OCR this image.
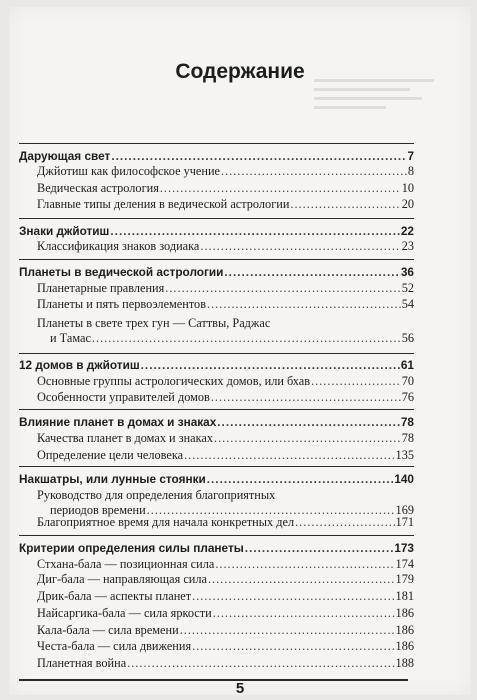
Содержание
Дарующая свет .....	7
Джйотиш как философское учение .....	8
Ведическая астрология .....	10
Главные типы деления в ведической астрологии .....	20
Знаки джйотиш .....	22
Классификация знаков зодиака .....	23
Планеты в ведической астрологии .....	36
Планетарные правления .....	52
Планеты и пять первоэлементов .....	54
Планеты в свете трех гун — Саттвы, Раджас
и Тамас .....	56
12 домов в джйотиш .....	61
Основные группы астрологических домов, или бхав .....	70
Особенности управителей домов .....	76
Влияние планет в домах и знаках .....	78
Качества планет в домах и знаках .....	78
Определение цели человека .....	135
Накшатры, или лунные стоянки .....	140
Руководство для определения благоприятных
периодов времени .....	169
Благоприятное время для начала конкретных дел .....	171
Критерии определения силы планеты .....	173
Стхана-бала — позиционная сила .....	174
Диг-бала — направляющая сила .....	179
Дрик-бала — аспекты планет .....	181
Найсаргика-бала — сила яркости .....	186
Кала-бала — сила времени .....	186
Честа-бала — сила движения .....	186
Планетная война .....	188
5
